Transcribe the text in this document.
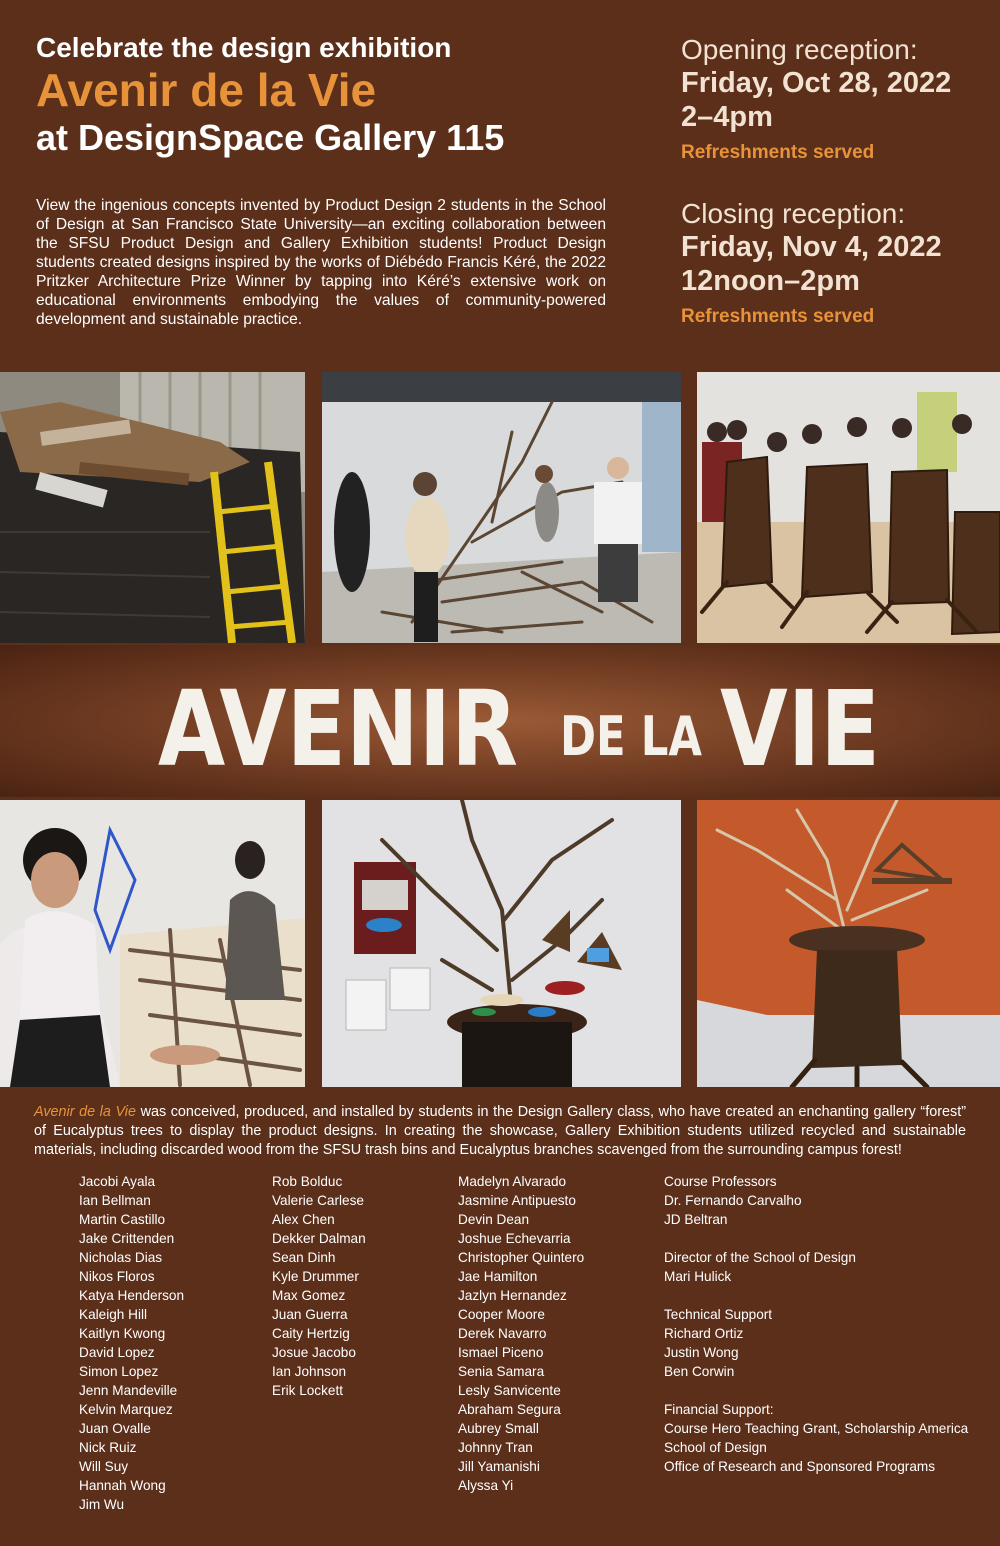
Celebrate the design exhibition
Avenir de la Vie
at DesignSpace Gallery 115
View the ingenious concepts invented by Product Design 2 students in the School of Design at San Francisco State University—an exciting collaboration between the SFSU Product Design and Gallery Exhibition students! Product Design students created designs inspired by the works of Diébédo Francis Kéré, the 2022 Pritzker Architecture Prize Winner by tapping into Kéré’s extensive work on educational environments embodying the values of community-powered development and sustainable practice.
Opening reception:
Friday, Oct 28, 2022
2–4pm
Refreshments served
Closing reception:
Friday, Nov 4, 2022
12noon–2pm
Refreshments served
AVENIR DE LA VIE
Avenir de la Vie was conceived, produced, and installed by students in the Design Gallery class, who have created an enchanting gallery “forest” of Eucalyptus trees to display the product designs. In creating the showcase, Gallery Exhibition students utilized recycled and sustainable materials, including discarded wood from the SFSU trash bins and Eucalyptus branches scavenged from the surrounding campus forest!
Jacobi Ayala
Ian Bellman
Martin Castillo
Jake Crittenden
Nicholas Dias
Nikos Floros
Katya Henderson
Kaleigh Hill
Kaitlyn Kwong
David Lopez
Simon Lopez
Jenn Mandeville
Kelvin Marquez
Juan Ovalle
Nick Ruiz
Will Suy
Hannah Wong
Jim Wu
Rob Bolduc
Valerie Carlese
Alex Chen
Dekker Dalman
Sean Dinh
Kyle Drummer
Max Gomez
Juan Guerra
Caity Hertzig
Josue Jacobo
Ian Johnson
Erik Lockett
Madelyn Alvarado
Jasmine Antipuesto
Devin Dean
Joshue Echevarria
Christopher Quintero
Jae Hamilton
Jazlyn Hernandez
Cooper Moore
Derek Navarro
Ismael Piceno
Senia Samara
Lesly Sanvicente
Abraham Segura
Aubrey Small
Johnny Tran
Jill Yamanishi
Alyssa Yi
Course Professors
Dr. Fernando Carvalho
JD Beltran
Director of the School of Design
Mari Hulick
Technical Support
Richard Ortiz
Justin Wong
Ben Corwin
Financial Support:
Course Hero Teaching Grant, Scholarship America
School of Design
Office of Research and Sponsored Programs
